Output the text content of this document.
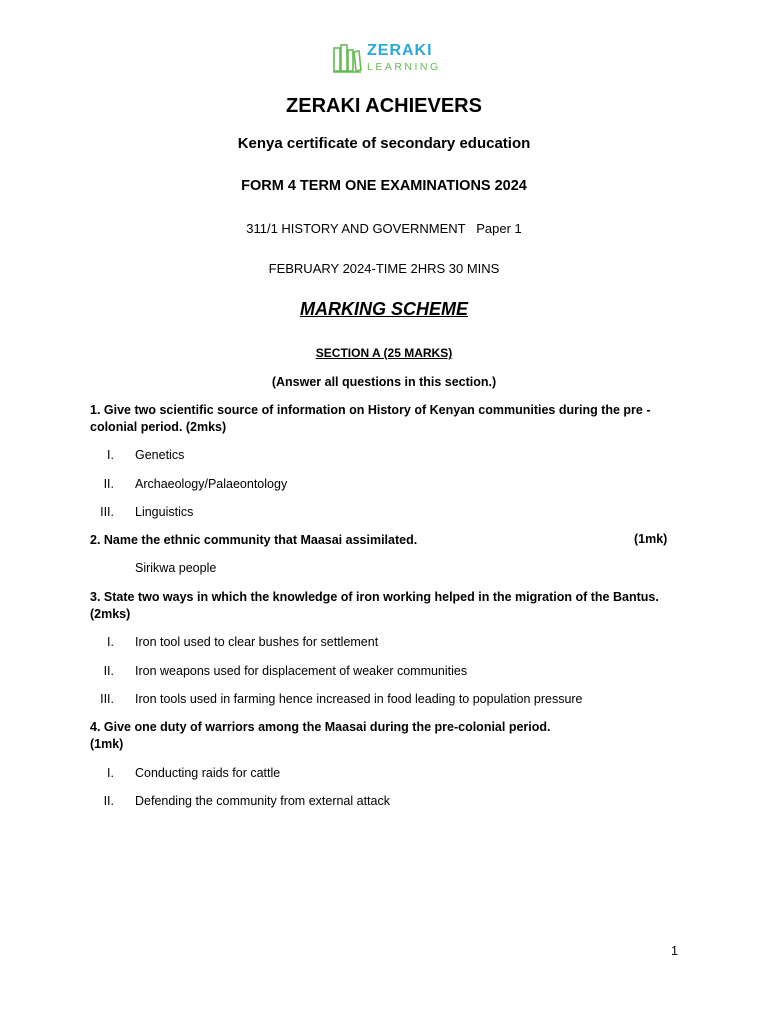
ZERAKI
LEARNING
ZERAKI ACHIEVERS
Kenya certificate of secondary education
FORM 4 TERM ONE EXAMINATIONS 2024
311/1 HISTORY AND GOVERNMENT   Paper 1
FEBRUARY 2024-TIME 2HRS 30 MINS
MARKING SCHEME
SECTION A (25 MARKS)
(Answer all questions in this section.)
1. Give two scientific source of information on History of Kenyan communities during the pre -colonial period. (2mks)
I. Genetics
II. Archaeology/Palaeontology
III. Linguistics
2. Name the ethnic community that Maasai assimilated.	(1mk)
Sirikwa people
3. State two ways in which the knowledge of iron working helped in the migration of the Bantus. (2mks)
I. Iron tool used to clear bushes for settlement
II. Iron weapons used for displacement of weaker communities
III. Iron tools used in farming hence increased in food leading to population pressure
4. Give one duty of warriors among the Maasai during the pre-colonial period.
(1mk)
I. Conducting raids for cattle
II. Defending the community from external attack
1
